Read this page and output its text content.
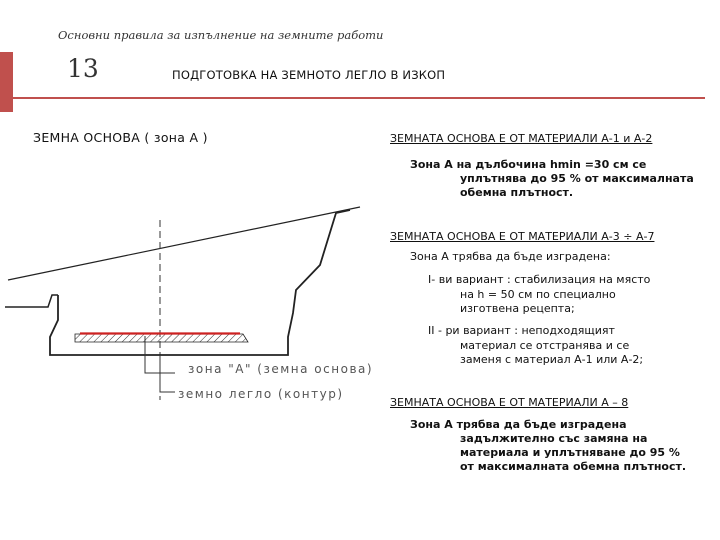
Основни правила за изпълнение на земните работи
13	ПОДГОТОВКА НА ЗЕМНОТО ЛЕГЛО В ИЗКОП
ЗЕМНА ОСНОВА ( зона А )
зона "А" (земна основа)
земно легло (контур)
ЗЕМНАТА ОСНОВА Е ОТ МАТЕРИАЛИ А-1 и А-2
Зона А на дълбочина hmin =30 см се
уплътнява до 95 % от максималната
обемна плътност.
ЗЕМНАТА ОСНОВА Е ОТ МАТЕРИАЛИ А-3 ÷ А-7
Зона А трябва да бъде изградена:
I- ви вариант : стабилизация на място
на h = 50 см по специално
изготвена рецепта;
II - ри вариант : неподходящият
материал се отстранява и се
заменя с материал А-1 или А-2;
ЗЕМНАТА ОСНОВА Е ОТ МАТЕРИАЛИ А – 8
Зона А трябва да бъде изградена
задължително със замяна на
материала и уплътняване до 95 %
от максималната обемна плътност.
